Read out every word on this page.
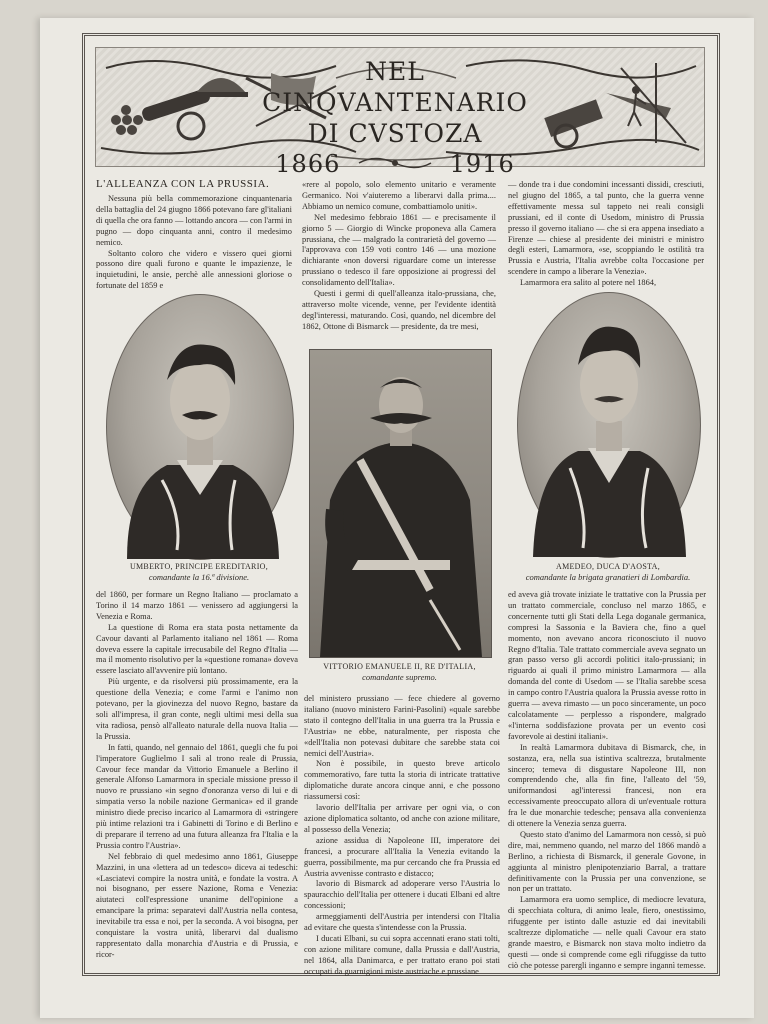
NEL CINQVANTENARIO
DI CVSTOZA
1866	1916
L'ALLEANZA CON LA PRUSSIA.

Nessuna più bella commemorazione cinquantenaria della battaglia del 24 giugno 1866 potevano fare gl'italiani di quella che ora fanno — lottando ancora — con l'armi in pugno — dopo cinquanta anni, contro il medesimo nemico.

Soltanto coloro che videro e vissero quei giorni possono dire quali furono e quante le impazienze, le inquietudini, le ansie, perchè alle annessioni gloriose o fortunate del 1859 e

«rere al popolo, solo elemento unitario e veramente Germanico. Noi v'aiuteremo a liberarvi dalla prima.... Abbiamo un nemico comune, combattiamolo uniti».

Nel medesimo febbraio 1861 — e precisamente il giorno 5 — Giorgio di Wincke proponeva alla Camera prussiana, che — malgrado la contrarietà del governo — l'approvava con 159 voti contro 146 — una mozione dichiarante «non doversi riguardare come un interesse prussiano o tedesco il fare opposizione ai progressi del consolidamento dell'Italia».

Questi i germi di quell'alleanza italo-prussiana, che, attraverso molte vicende, venne, per l'evidente identità degl'interessi, maturando. Così, quando, nel dicembre del 1862, Ottone di Bismarck — presidente, da tre mesi,

— donde tra i due condomini incessanti dissidi, cresciuti, nel giugno del 1865, a tal punto, che la guerra venne effettivamente messa sul tappeto nei reali consigli prussiani, ed il conte di Usedom, ministro di Prussia presso il governo italiano — che si era appena insediato a Firenze — chiese al presidente dei ministri e ministro degli esteri, Lamarmora, «se, scoppiando le ostilità tra Prussia e Austria, l'Italia avrebbe colta l'occasione per scendere in campo a liberare la Venezia».

Lamarmora era salito al potere nel 1864,

UMBERTO, PRINCIPE EREDITARIO,
comandante la 16.ª divisione.
VITTORIO EMANUELE II, RE D'ITALIA,
comandante supremo.
AMEDEO, DUCA D'AOSTA,
comandante la brigata granatieri di Lombardia.

del 1860, per formare un Regno Italiano — proclamato a Torino il 14 marzo 1861 — venissero ad aggiungersi la Venezia e Roma.

La questione di Roma era stata posta nettamente da Cavour davanti al Parlamento italiano nel 1861 — Roma doveva essere la capitale irrecusabile del Regno d'Italia — ma il momento risolutivo per la «questione romana» doveva essere lasciato all'avvenire più lontano.

Più urgente, e da risolversi più prossimamente, era la questione della Venezia; e come l'armi e l'animo non potevano, per la giovinezza del nuovo Regno, bastare da soli all'impresa, il gran conte, negli ultimi mesi della sua vita radiosa, pensò all'alleato naturale della nuova Italia — la Prussia.

In fatti, quando, nel gennaio del 1861, quegli che fu poi l'imperatore Guglielmo I salì al trono reale di Prussia, Cavour fece mandar da Vittorio Emanuele a Berlino il generale Alfonso Lamarmora in speciale missione presso il nuovo re prussiano «in segno d'onoranza verso di lui e di simpatia verso la nobile nazione Germanica» ed il grande ministro diede preciso incarico al Lamarmora di «stringere più intime relazioni tra i Gabinetti di Torino e di Berlino e di preparare il terreno ad una futura alleanza fra l'Italia e la Prussia contro l'Austria».

Nel febbraio di quel medesimo anno 1861, Giuseppe Mazzini, in una «lettera ad un tedesco» diceva ai tedeschi: «Lasciatevi compire la nostra unità, e fondate la vostra. A noi bisognano, per essere Nazione, Roma e Venezia: aiutateci coll'espressione unanime dell'opinione a emancipare la prima: separatevi dall'Austria nella contesa, inevitabile tra essa e noi, per la seconda. A voi bisogna, per conquistare la vostra unità, liberarvi dal dualismo rappresentato dalla monarchia d'Austria e di Prussia, e ricor-

del ministero prussiano — fece chiedere al governo italiano (nuovo ministero Farini-Pasolini) «quale sarebbe stato il contegno dell'Italia in una guerra tra la Prussia e l'Austria» ne ebbe, naturalmente, per risposta che «dell'Italia non potevasi dubitare che sarebbe stata coi nemici dell'Austria».

Non è possibile, in questo breve articolo commemorativo, fare tutta la storia di intricate trattative diplomatiche durate ancora cinque anni, e che possono riassumersi così:

lavorio dell'Italia per arrivare per ogni via, o con azione diplomatica soltanto, od anche con azione militare, al possesso della Venezia;

azione assidua di Napoleone III, imperatore dei francesi, a procurare all'Italia la Venezia evitando la guerra, possibilmente, ma pur cercando che fra Prussia ed Austria avvenisse contrasto e distacco;

lavorio di Bismarck ad adoperare verso l'Austria lo spauracchio dell'Italia per ottenere i ducati Elbani ed altre concessioni;

armeggiamenti dell'Austria per intendersi con l'Italia ad evitare che questa s'intendesse con la Prussia.

I ducati Elbani, su cui sopra accennati erano stati tolti, con azione militare comune, dalla Prussia e dall'Austria, nel 1864, alla Danimarca, e per trattato erano poi stati occupati da guarnigioni miste austriache e prussiane

ed aveva già trovate iniziate le trattative con la Prussia per un trattato commerciale, concluso nel marzo 1865, e concernente tutti gli Stati della Lega doganale germanica, compresi la Sassonia e la Baviera che, fino a quel momento, non avevano ancora riconosciuto il nuovo Regno d'Italia. Tale trattato commerciale aveva segnato un gran passo verso gli accordi politici italo-prussiani; in riguardo ai quali il primo ministro Lamarmora — alla domanda del conte di Usedom — se l'Italia sarebbe scesa in campo contro l'Austria qualora la Prussia avesse rotto in guerra — aveva rimasto — un poco sinceramente, un poco calcolatamente — perplesso a rispondere, malgrado «l'interna soddisfazione provata per un evento così favorevole ai destini italiani».

In realtà Lamarmora dubitava di Bismarck, che, in sostanza, era, nella sua istintiva scaltrezza, brutalmente sincero; temeva di disgustare Napoleone III, non comprendendo che, alla fin fine, l'alleato del '59, uniformandosi agl'interessi francesi, non era eccessivamente preoccupato allora di un'eventuale rottura fra le due monarchie tedesche; pensava alla convenienza di ottenere la Venezia senza guerra.

Questo stato d'animo del Lamarmora non cessò, si può dire, mai, nemmeno quando, nel marzo del 1866 mandò a Berlino, a richiesta di Bismarck, il generale Govone, in aggiunta al ministro plenipotenziario Barral, a trattare definitivamente con la Prussia per una convenzione, se non per un trattato.

Lamarmora era uomo semplice, di mediocre levatura, di specchiata coltura, di animo leale, fiero, onestissimo, rifuggente per istinto dalle astuzie ed dai inevitabili scaltrezze diplomatiche — nelle quali Cavour era stato grande maestro, e Bismarck non stava molto indietro da questi — onde si comprende come egli rifuggisse da tutto ciò che potesse parergli inganno e sempre ingannì temesse.
